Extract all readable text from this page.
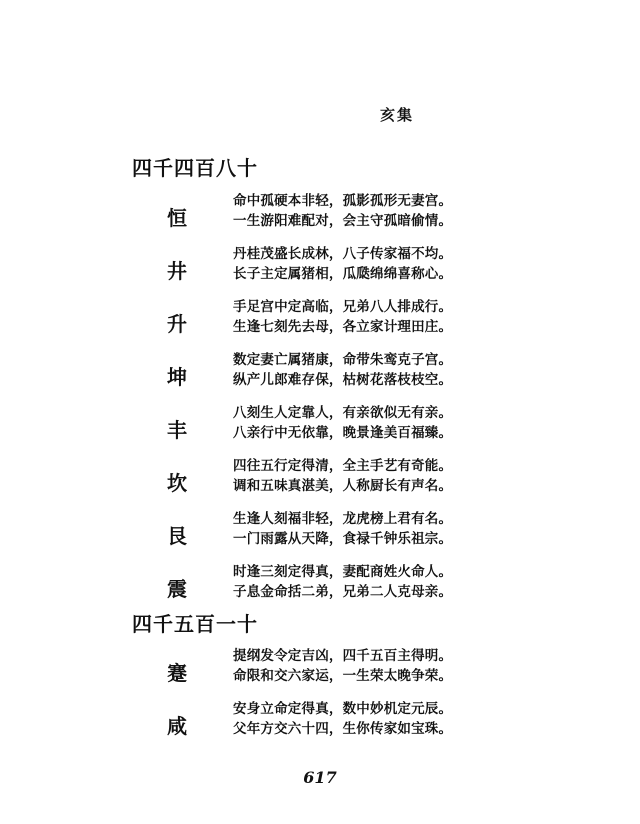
亥集
四千四百八十
恒
命中孤硬本非轻，孤影孤形无妻宫。
一生游阳难配对，会主守孤暗偷情。
井
丹桂茂盛长成林，八子传家福不均。
长子主定属猪相，瓜瓞绵绵喜称心。
升
手足宫中定高临，兄弟八人排成行。
生逢七刻先去母，各立家计理田庄。
坤
数定妻亡属猪康，命带朱鸾克子宫。
纵产儿郎难存保，枯树花落枝枝空。
丰
八刻生人定靠人，有亲欲似无有亲。
八亲行中无依靠，晚景逢美百福臻。
坎
四往五行定得清，全主手艺有奇能。
调和五味真湛美，人称厨长有声名。
艮
生逢人刻福非轻，龙虎榜上君有名。
一门雨露从天降，食禄千钟乐祖宗。
震
时逢三刻定得真，妻配商姓火命人。
子息金命括二弟，兄弟二人克母亲。
四千五百一十
蹇
提纲发令定吉凶，四千五百主得明。
命限和交六家运，一生荣太晚争荣。
咸
安身立命定得真，数中妙机定元辰。
父年方交六十四，生你传家如宝珠。
617
